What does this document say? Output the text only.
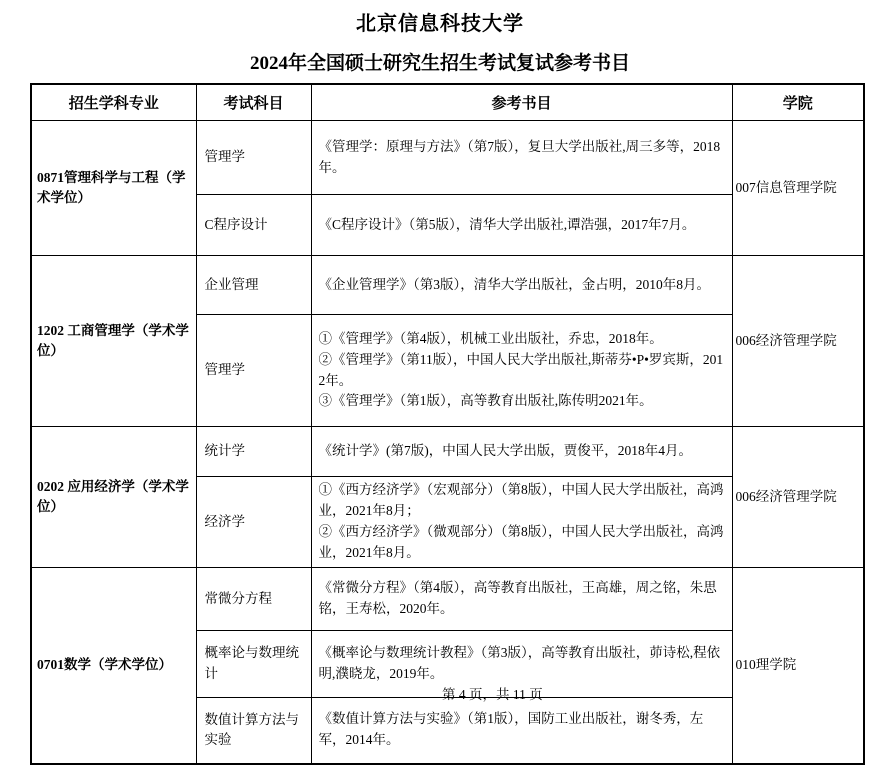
北京信息科技大学
2024年全国硕士研究生招生考试复试参考书目
招生学科专业	考试科目	参考书目	学院
0871管理科学与工程（学术学位）	管理学	《管理学：原理与方法》（第7版），复旦大学出版社,周三多等，2018年。	007信息管理学院
	C程序设计	《C程序设计》（第5版），清华大学出版社,谭浩强，2017年7月。	

1202 工商管理学（学术学位）	企业管理	《企业管理学》（第3版），清华大学出版社，金占明，2010年8月。	006经济管理学院
	管理学	①《管理学》（第4版），机械工业出版社，乔忠，2018年。
②《管理学》（第11版），中国人民大学出版社,斯蒂芬•P•罗宾斯，2012年。
③《管理学》（第1版），高等教育出版社,陈传明2021年。	

0202 应用经济学（学术学位）	统计学	《统计学》(第7版)，中国人民大学出版，贾俊平，2018年4月。	006经济管理学院
	经济学	①《西方经济学》（宏观部分）（第8版），中国人民大学出版社，高鸿业，2021年8月；
②《西方经济学》（微观部分）（第8版），中国人民大学出版社，高鸿业，2021年8月。	

0701数学（学术学位）	常微分方程	《常微分方程》（第4版），高等教育出版社，王高雄，周之铭，朱思铭，王寿松，2020年。	010理学院
	概率论与数理统计	《概率论与数理统计教程》（第3版），高等教育出版社，茆诗松,程依明,濮晓龙，2019年。	

	数值计算方法与实验	《数值计算方法与实验》（第1版），国防工业出版社，谢冬秀，左军，2014年。	
第 4 页，共 11 页
